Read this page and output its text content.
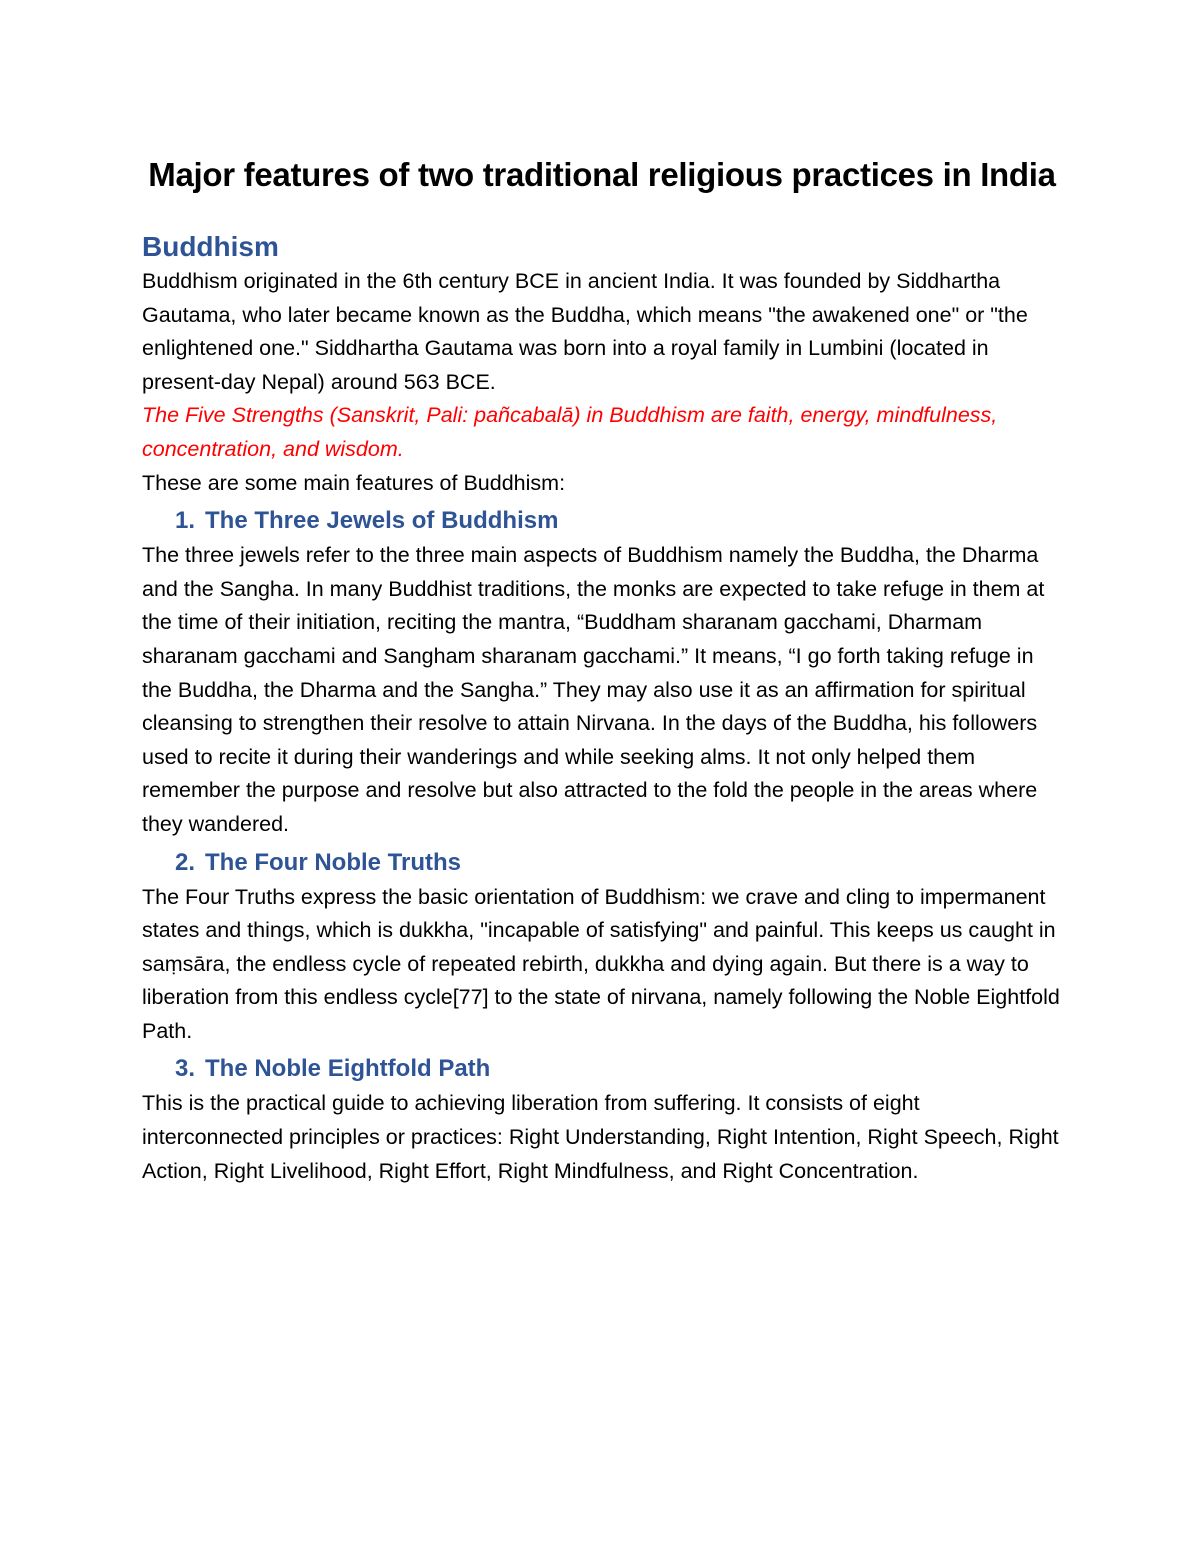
Major features of two traditional religious practices in India
Buddhism

Buddhism originated in the 6th century BCE in ancient India. It was founded by Siddhartha Gautama, who later became known as the Buddha, which means "the awakened one" or "the enlightened one." Siddhartha Gautama was born into a royal family in Lumbini (located in present-day Nepal) around 563 BCE.

The Five Strengths (Sanskrit, Pali: pañcabalā) in Buddhism are faith, energy, mindfulness, concentration, and wisdom.

These are some main features of Buddhism:

1. The Three Jewels of Buddhism

The three jewels refer to the three main aspects of Buddhism namely the Buddha, the Dharma and the Sangha. In many Buddhist traditions, the monks are expected to take refuge in them at the time of their initiation, reciting the mantra, “Buddham sharanam gacchami, Dharmam sharanam gacchami and Sangham sharanam gacchami.” It means, “I go forth taking refuge in the Buddha, the Dharma and the Sangha.” They may also use it as an affirmation for spiritual cleansing to strengthen their resolve to attain Nirvana. In the days of the Buddha, his followers used to recite it during their wanderings and while seeking alms. It not only helped them remember the purpose and resolve but also attracted to the fold the people in the areas where they wandered.

2. The Four Noble Truths

The Four Truths express the basic orientation of Buddhism: we crave and cling to impermanent states and things, which is dukkha, "incapable of satisfying" and painful. This keeps us caught in saṃsāra, the endless cycle of repeated rebirth, dukkha and dying again. But there is a way to liberation from this endless cycle[77] to the state of nirvana, namely following the Noble Eightfold Path.

3. The Noble Eightfold Path

This is the practical guide to achieving liberation from suffering. It consists of eight interconnected principles or practices: Right Understanding, Right Intention, Right Speech, Right Action, Right Livelihood, Right Effort, Right Mindfulness, and Right Concentration.
